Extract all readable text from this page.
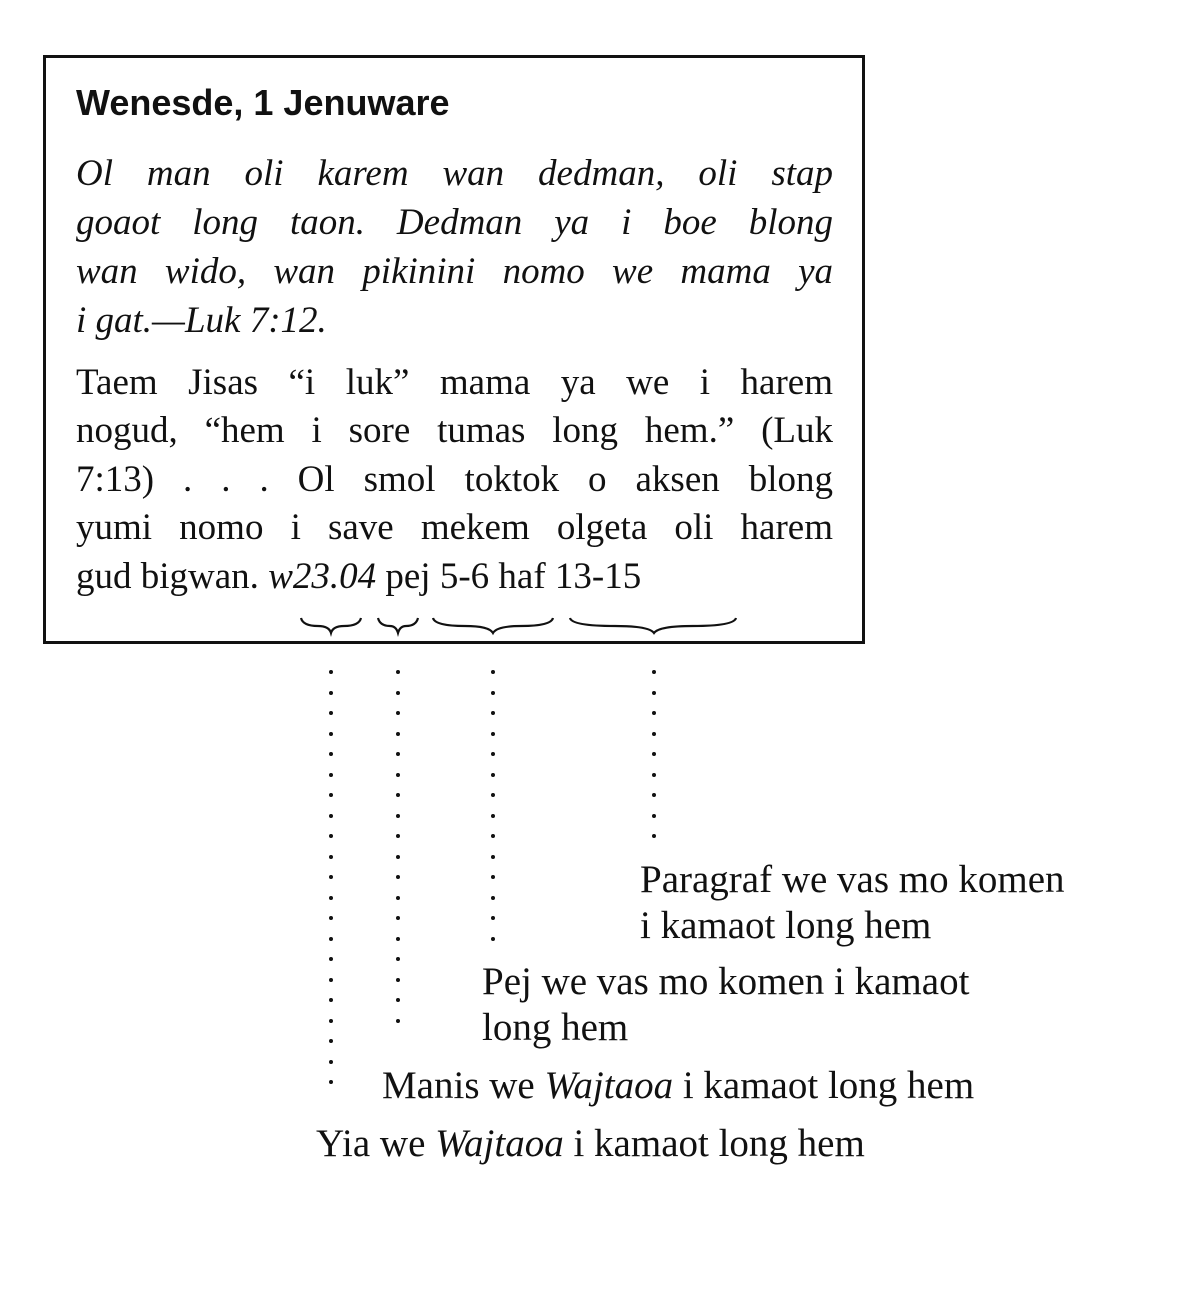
Wenesde, 1 Jenuware
Ol man oli karem wan dedman, oli stap
goaot long taon. Dedman ya i boe blong
wan wido, wan pikinini nomo we mama ya
i gat.—Luk 7:12.
Taem Jisas “i luk” mama ya we i harem
nogud, “hem i sore tumas long hem.” (Luk
7:13) . . . Ol smol toktok o aksen blong
yumi nomo i save mekem olgeta oli harem
gud bigwan. w23.04 pej 5-6 haf 13-15
Paragraf we vas mo komen
i kamaot long hem
Pej we vas mo komen i kamaot
long hem
Manis we Wajtaoa i kamaot long hem
Yia we Wajtaoa i kamaot long hem
